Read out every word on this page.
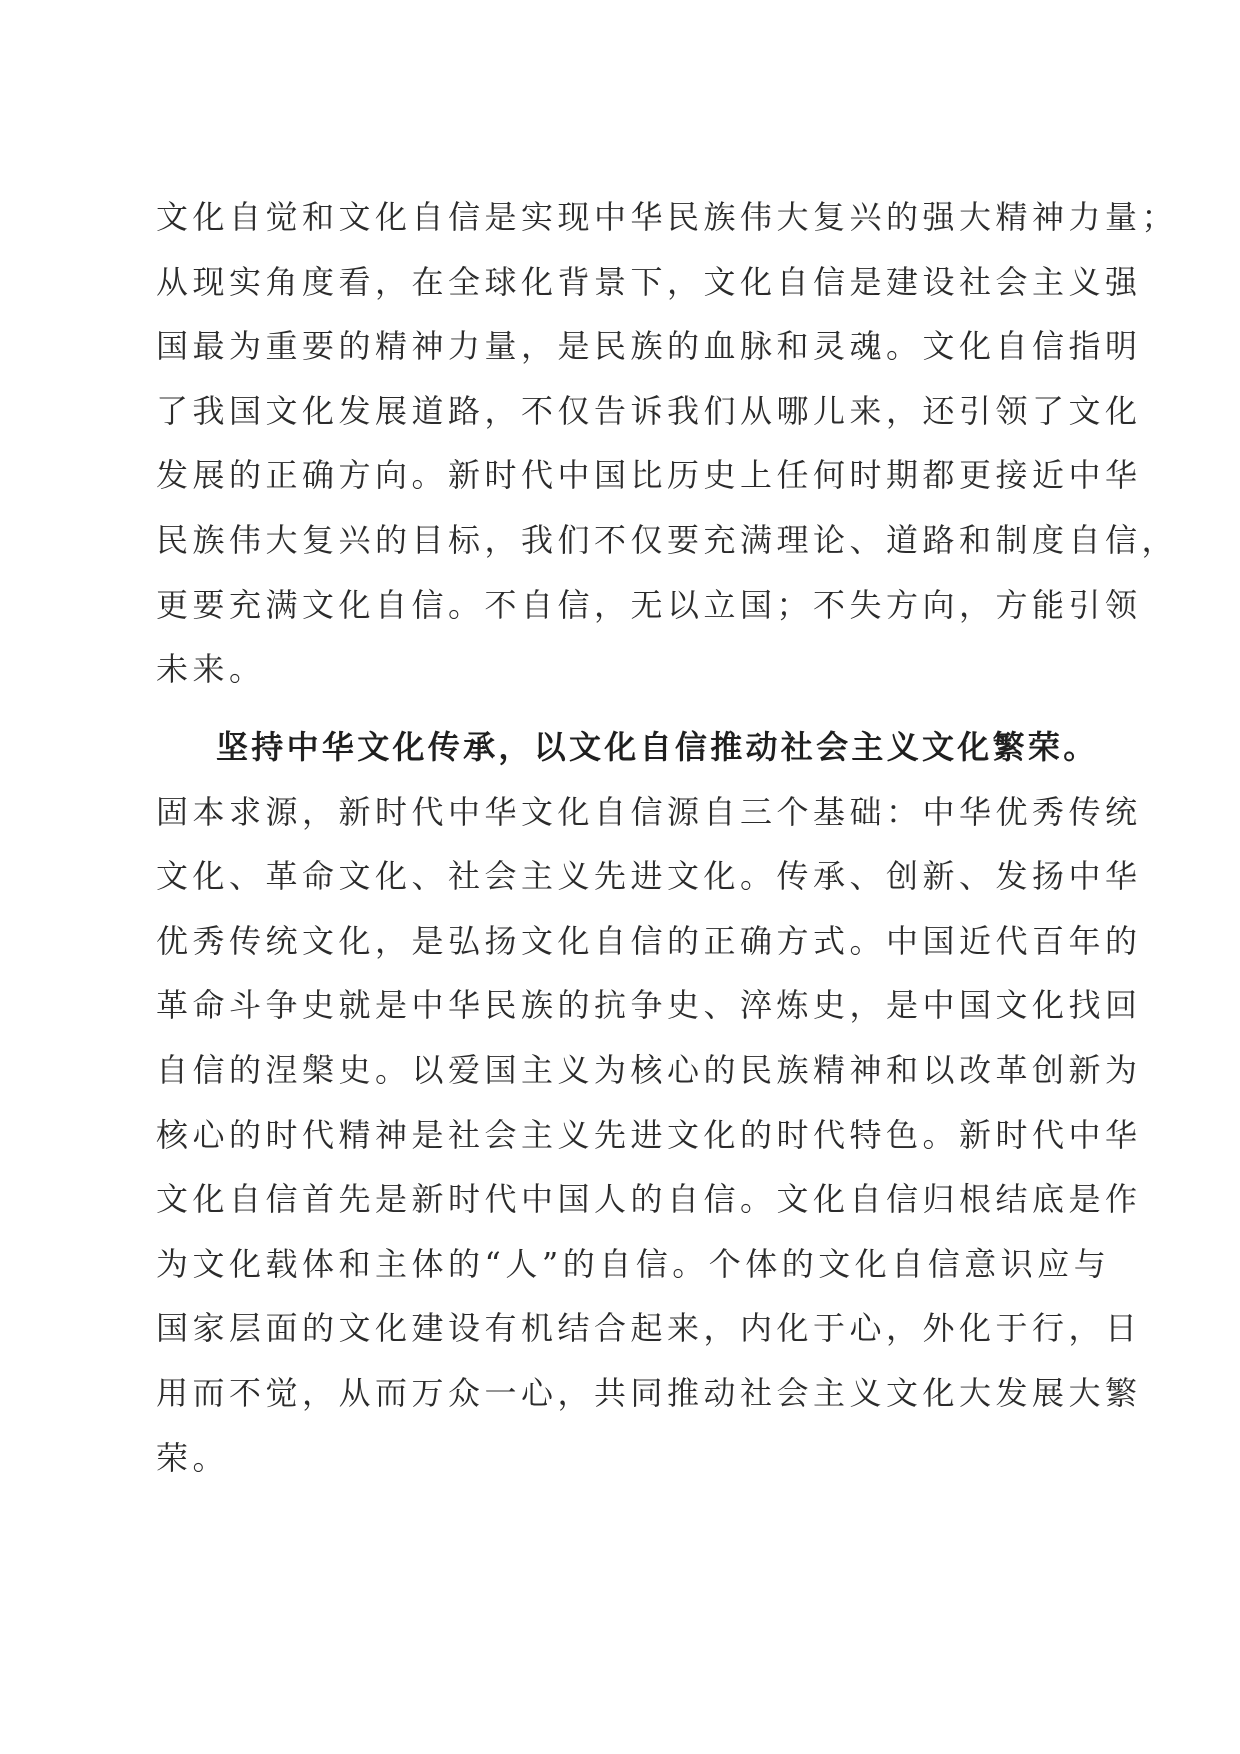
文化自觉和文化自信是实现中华民族伟大复兴的强大精神力量；
从现实角度看，在全球化背景下，文化自信是建设社会主义强
国最为重要的精神力量，是民族的血脉和灵魂。文化自信指明
了我国文化发展道路，不仅告诉我们从哪儿来，还引领了文化
发展的正确方向。新时代中国比历史上任何时期都更接近中华
民族伟大复兴的目标，我们不仅要充满理论、道路和制度自信，
更要充满文化自信。不自信，无以立国；不失方向，方能引领
未来。
坚持中华文化传承，以文化自信推动社会主义文化繁荣。
固本求源，新时代中华文化自信源自三个基础：中华优秀传统
文化、革命文化、社会主义先进文化。传承、创新、发扬中华
优秀传统文化，是弘扬文化自信的正确方式。中国近代百年的
革命斗争史就是中华民族的抗争史、淬炼史，是中国文化找回
自信的涅槃史。以爱国主义为核心的民族精神和以改革创新为
核心的时代精神是社会主义先进文化的时代特色。新时代中华
文化自信首先是新时代中国人的自信。文化自信归根结底是作
为文化载体和主体的“人”的自信。个体的文化自信意识应与
国家层面的文化建设有机结合起来，内化于心，外化于行，日
用而不觉，从而万众一心，共同推动社会主义文化大发展大繁
荣。
